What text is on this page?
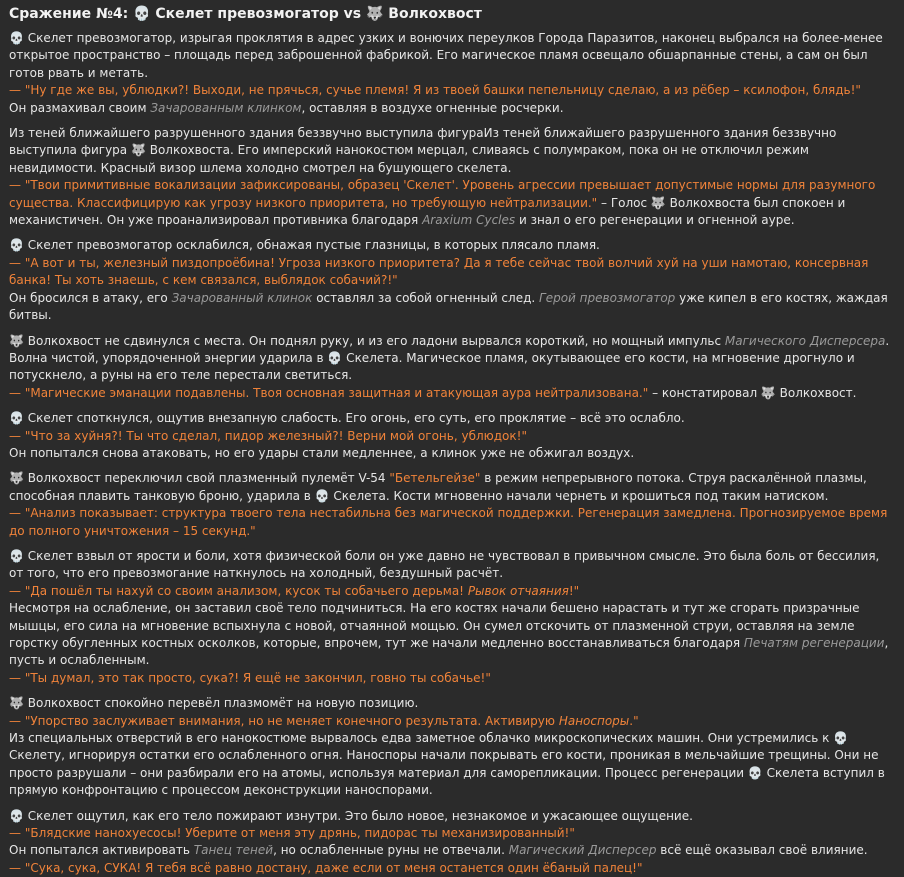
Сражение №4: 💀 Скелет превозмогатор vs 🐺 Волкохвост
💀 Скелет превозмогатор, изрыгая проклятия в адрес узких и вонючих переулков Города Паразитов, наконец выбрался на более-менее открытое пространство – площадь перед заброшенной фабрикой. Его магическое пламя освещало обшарпанные стены, а сам он был готов рвать и метать.
— "Ну где же вы, ублюдки?! Выходи, не прячься, сучье племя! Я из твоей башки пепельницу сделаю, а из рёбер – ксилофон, блядь!"
Он размахивал своим Зачарованным клинком, оставляя в воздухе огненные росчерки.
Из теней ближайшего разрушенного здания беззвучно выступила фигураИз теней ближайшего разрушенного здания беззвучно выступила фигура 🐺 Волкохвоста. Его имперский нанокостюм мерцал, сливаясь с полумраком, пока он не отключил режим невидимости. Красный визор шлема холодно смотрел на бушующего скелета.
— "Твои примитивные вокализации зафиксированы, образец 'Скелет'. Уровень агрессии превышает допустимые нормы для разумного существа. Классифицирую как угрозу низкого приоритета, но требующую нейтрализации." – Голос 🐺 Волкохвоста был спокоен и механистичен. Он уже проанализировал противника благодаря Araxium Cycles и знал о его регенерации и огненной ауре.
💀 Скелет превозмогатор осклабился, обнажая пустые глазницы, в которых плясало пламя.
— "А вот и ты, железный пиздопроёбина! Угроза низкого приоритета? Да я тебе сейчас твой волчий хуй на уши намотаю, консервная банка! Ты хоть знаешь, с кем связался, выблядок собачий?!"
Он бросился в атаку, его Зачарованный клинок оставлял за собой огненный след. Герой превозмогатор уже кипел в его костях, жаждая битвы.
🐺 Волкохвост не сдвинулся с места. Он поднял руку, и из его ладони вырвался короткий, но мощный импульс Магического Дисперсера. Волна чистой, упорядоченной энергии ударила в 💀 Скелета. Магическое пламя, окутывающее его кости, на мгновение дрогнуло и потускнело, а руны на его теле перестали светиться.
— "Магические эманации подавлены. Твоя основная защитная и атакующая аура нейтрализована." – констатировал 🐺 Волкохвост.
💀 Скелет споткнулся, ощутив внезапную слабость. Его огонь, его суть, его проклятие – всё это ослабло.
— "Что за хуйня?! Ты что сделал, пидор железный?! Верни мой огонь, ублюдок!"
Он попытался снова атаковать, но его удары стали медленнее, а клинок уже не обжигал воздух.
🐺 Волкохвост переключил свой плазменный пулемёт V-54 "Бетельгейзе" в режим непрерывного потока. Струя раскалённой плазмы, способная плавить танковую броню, ударила в 💀 Скелета. Кости мгновенно начали чернеть и крошиться под таким натиском.
— "Анализ показывает: структура твоего тела нестабильна без магической поддержки. Регенерация замедлена. Прогнозируемое время до полного уничтожения – 15 секунд."
💀 Скелет взвыл от ярости и боли, хотя физической боли он уже давно не чувствовал в привычном смысле. Это была боль от бессилия, от того, что его превозмогание наткнулось на холодный, бездушный расчёт.
— "Да пошёл ты нахуй со своим анализом, кусок ты собачьего дерьма! Рывок отчаяния!"
Несмотря на ослабление, он заставил своё тело подчиниться. На его костях начали бешено нарастать и тут же сгорать призрачные мышцы, его сила на мгновение вспыхнула с новой, отчаянной мощью. Он сумел отскочить от плазменной струи, оставляя на земле горстку обугленных костных осколков, которые, впрочем, тут же начали медленно восстанавливаться благодаря Печатям регенерации, пусть и ослабленным.
— "Ты думал, это так просто, сука?! Я ещё не закончил, говно ты собачье!"
🐺 Волкохвост спокойно перевёл плазмомёт на новую позицию.
— "Упорство заслуживает внимания, но не меняет конечного результата. Активирую Наноспоры."
Из специальных отверстий в его нанокостюме вырвалось едва заметное облачко микроскопических машин. Они устремились к 💀 Скелету, игнорируя остатки его ослабленного огня. Наноспоры начали покрывать его кости, проникая в мельчайшие трещины. Они не просто разрушали – они разбирали его на атомы, используя материал для саморепликации. Процесс регенерации 💀 Скелета вступил в прямую конфронтацию с процессом деконструкции наноспорами.
💀 Скелет ощутил, как его тело пожирают изнутри. Это было новое, незнакомое и ужасающее ощущение.
— "Блядские нанохуесосы! Уберите от меня эту дрянь, пидорас ты механизированный!"
Он попытался активировать Танец теней, но ослабленные руны не отвечали. Магический Дисперсер всё ещё оказывал своё влияние.
— "Сука, сука, СУКА! Я тебя всё равно достану, даже если от меня останется один ёбаный палец!"
